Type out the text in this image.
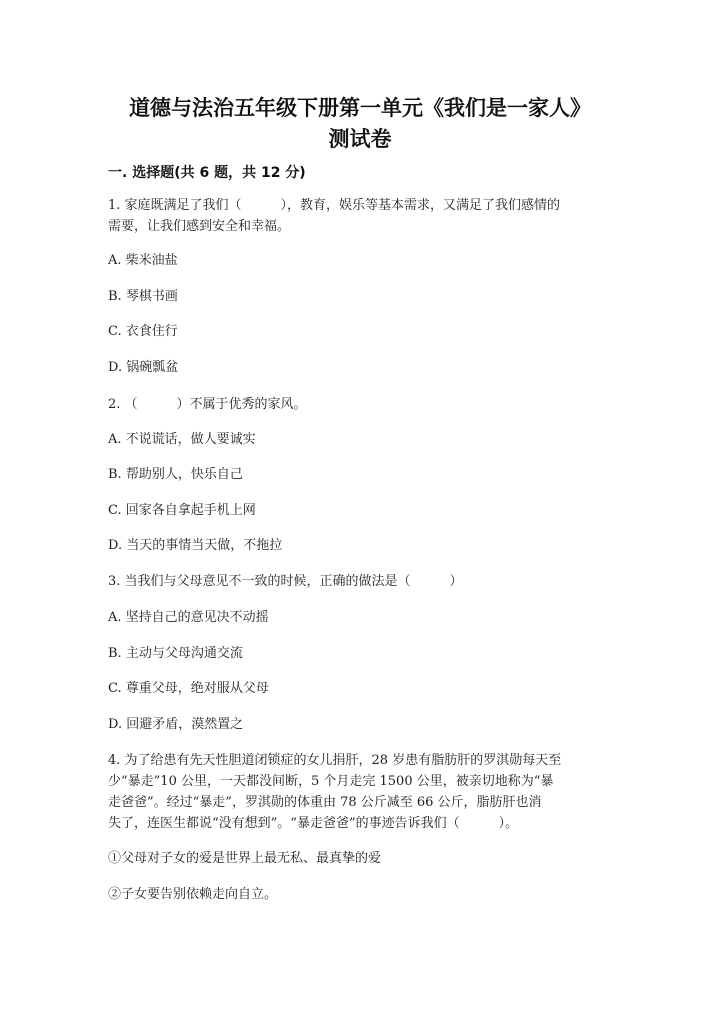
道德与法治五年级下册第一单元《我们是一家人》
测试卷
一. 选择题(共 6 题，共 12 分)
1. 家庭既满足了我们（　　　），教育，娱乐等基本需求，又满足了我们感情的
需要，让我们感到安全和幸福。
A. 柴米油盐
B. 琴棋书画
C. 衣食住行
D. 锅碗瓢盆
2. （　　　）不属于优秀的家风。
A. 不说谎话，做人要诚实
B. 帮助别人，快乐自己
C. 回家各自拿起手机上网
D. 当天的事情当天做，不拖拉
3. 当我们与父母意见不一致的时候，正确的做法是（　　　）
A. 坚持自己的意见决不动摇
B. 主动与父母沟通交流
C. 尊重父母，绝对服从父母
D. 回避矛盾，漠然置之
4. 为了给患有先天性胆道闭锁症的女儿捐肝，28 岁患有脂肪肝的罗淇勋每天至
少“暴走”10 公里，一天都没间断，5 个月走完 1500 公里，被亲切地称为“暴
走爸爸”。经过“暴走”，罗淇勋的体重由 78 公斤减至 66 公斤，脂肪肝也消
失了，连医生都说“没有想到”。“暴走爸爸”的事迹告诉我们（　　　）。
①父母对子女的爱是世界上最无私、最真挚的爱
②子女要告别依赖走向自立。
